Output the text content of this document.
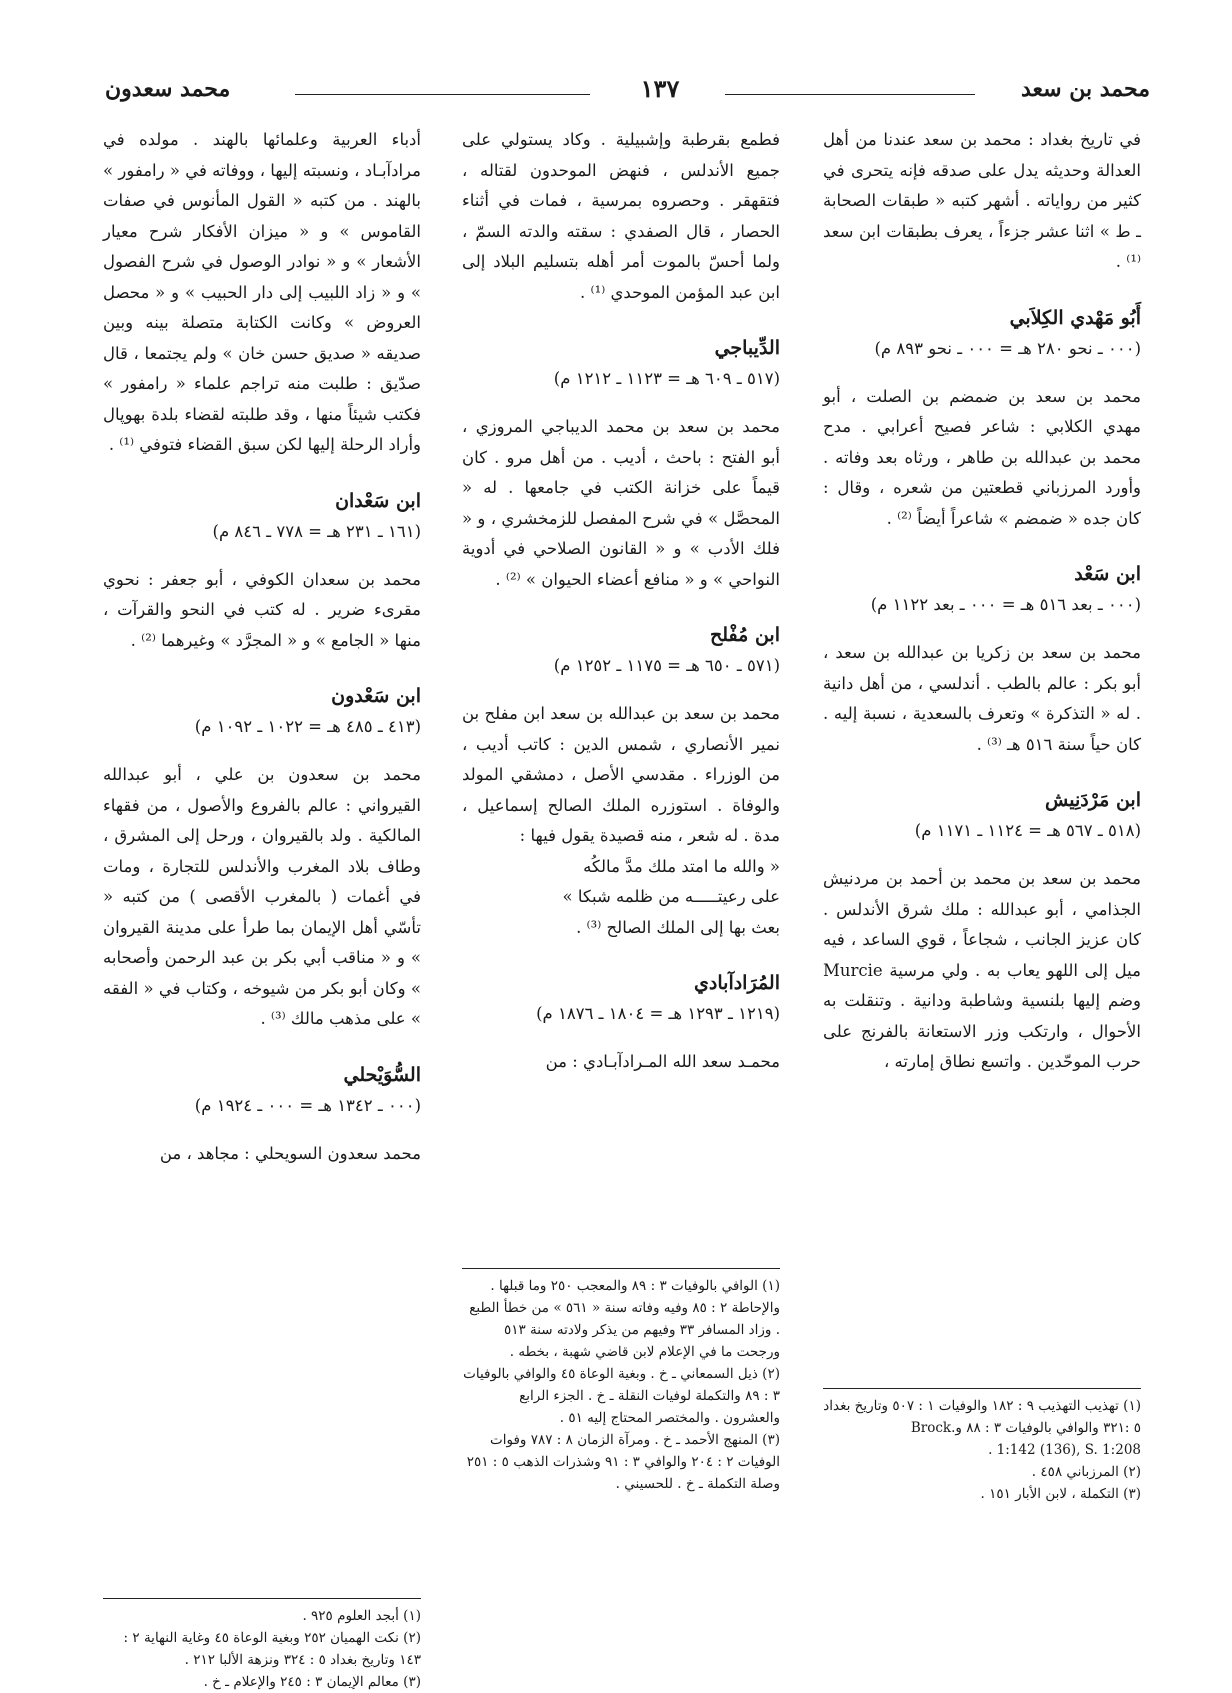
محمد بن سعد
١٣٧
محمد سعدون

في تاريخ بغداد : محمد بن سعد عندنا من أهل العدالة وحديثه يدل على صدقه فإنه يتحرى في كثير من رواياته . أشهر كتبه « طبقات الصحابة ـ ط » اثنا عشر جزءاً ، يعرف بطبقات ابن سعد ⁽¹⁾ .

أَبُو مَهْدي الكِلاَبي
(٠٠٠ ـ نحو ٢٨٠ هـ = ٠٠٠ ـ نحو ٨٩٣ م)

محمد بن سعد بن ضمضم بن الصلت ، أبو مهدي الكلابي : شاعر فصيح أعرابي . مدح محمد بن عبدالله بن طاهر ، ورثاه بعد وفاته . وأورد المرزباني قطعتين من شعره ، وقال : كان جده « ضمضم » شاعراً أيضاً ⁽²⁾ .

ابن سَعْد
(٠٠٠ ـ بعد ٥١٦ هـ = ٠٠٠ ـ بعد ١١٢٢ م)

محمد بن سعد بن زكريا بن عبدالله بن سعد ، أبو بكر : عالم بالطب . أندلسي ، من أهل دانية . له « التذكرة » وتعرف بالسعدية ، نسبة إليه . كان حياً سنة ٥١٦ هـ ⁽³⁾ .

ابن مَرْدَنِيش
(٥١٨ ـ ٥٦٧ هـ = ١١٢٤ ـ ١١٧١ م)

محمد بن سعد بن محمد بن أحمد بن مردنيش الجذامي ، أبو عبدالله : ملك شرق الأندلس . كان عزيز الجانب ، شجاعاً ، قوي الساعد ، فيه ميل إلى اللهو يعاب به . ولي مرسية Murcie وضم إليها بلنسية وشاطبة ودانية . وتنقلت به الأحوال ، وارتكب وزر الاستعانة بالفرنج على حرب الموحّدين . واتسع نطاق إمارته ،

(١) تهذيب التهذيب ٩ : ١٨٢ والوفيات ١ : ٥٠٧ وتاريخ بغداد ٥ :٣٢١ والوافي بالوفيات ٣ : ٨٨ و.Brock

. 1:142 (136), S. 1:208

(٢) المرزباني ٤٥٨ .

(٣) التكملة ، لابن الأبار ١٥١ .

فطمع بقرطبة وإشبيلية . وكاد يستولي على جميع الأندلس ، فنهض الموحدون لقتاله ، فتقهقر . وحصروه بمرسية ، فمات في أثناء الحصار ، قال الصفدي : سقته والدته السمّ ، ولما أحسّ بالموت أمر أهله بتسليم البلاد إلى ابن عبد المؤمن الموحدي ⁽¹⁾ .

الدِّيباجي
(٥١٧ ـ ٦٠٩ هـ = ١١٢٣ ـ ١٢١٢ م)

محمد بن سعد بن محمد الديباجي المروزي ، أبو الفتح : باحث ، أديب . من أهل مرو . كان قيماً على خزانة الكتب في جامعها . له « المحصَّل » في شرح المفصل للزمخشري ، و « فلك الأدب » و « القانون الصلاحي في أدوية النواحي » و « منافع أعضاء الحيوان » ⁽²⁾ .

ابن مُفْلح
(٥٧١ ـ ٦٥٠ هـ = ١١٧٥ ـ ١٢٥٢ م)

محمد بن سعد بن عبدالله بن سعد ابن مفلح بن نمير الأنصاري ، شمس الدين : كاتب أديب ، من الوزراء . مقدسي الأصل ، دمشقي المولد والوفاة . استوزره الملك الصالح إسماعيل ، مدة . له شعر ، منه قصيدة يقول فيها :

« والله ما امتد ملك مدَّ مالكُه

على رعيتـــــه من ظلمه شبكا »

بعث بها إلى الملك الصالح ⁽³⁾ .

المُرَادآبادي
(١٢١٩ ـ ١٢٩٣ هـ = ١٨٠٤ ـ ١٨٧٦ م)

محمـد سعد الله المـرادآبـادي : من

(١) الوافي بالوفيات ٣ : ٨٩ والمعجب ٢٥٠ وما قبلها . والإحاطة ٢ : ٨٥ وفيه وفاته سنة « ٥٦١ » من خطأ الطبع . وزاد المسافر ٣٣ وفيهم من يذكر ولادته سنة ٥١٣ ورجحت ما في الإعلام لابن قاضي شهبة ، بخطه .

(٢) ذيل السمعاني ـ خ . وبغية الوعاة ٤٥ والوافي بالوفيات ٣ : ٨٩ والتكملة لوفيات النقلة ـ خ . الجزء الرابع والعشرون . والمختصر المحتاج إليه ٥١ .

(٣) المنهج الأحمد ـ خ . ومرآة الزمان ٨ : ٧٨٧ وفوات الوفيات ٢ : ٢٠٤ والوافي ٣ : ٩١ وشذرات الذهب ٥ : ٢٥١ وصلة التكملة ـ خ . للحسيني .

أدباء العربية وعلمائها بالهند . مولده في مرادآبـاد ، ونسبته إليها ، ووفاته في « رامفور » بالهند . من كتبه « القول المأنوس في صفات القاموس » و « ميزان الأفكار شرح معيار الأشعار » و « نوادر الوصول في شرح الفصول » و « زاد اللبيب إلى دار الحبيب » و « محصل العروض » وكانت الكتابة متصلة بينه وبين صديقه « صديق حسن خان » ولم يجتمعا ، قال صدّيق : طلبت منه تراجم علماء « رامفور » فكتب شيئاً منها ، وقد طلبته لقضاء بلدة بهوپال وأراد الرحلة إليها لكن سبق القضاء فتوفي ⁽¹⁾ .

ابن سَعْدان
(١٦١ ـ ٢٣١ هـ = ٧٧٨ ـ ٨٤٦ م)

محمد بن سعدان الكوفي ، أبو جعفر : نحوي مقرىء ضرير . له كتب في النحو والقرآت ، منها « الجامع » و « المجرَّد » وغيرهما ⁽²⁾ .

ابن سَعْدون
(٤١٣ ـ ٤٨٥ هـ = ١٠٢٢ ـ ١٠٩٢ م)

محمد بن سعدون بن علي ، أبو عبدالله القيرواني : عالم بالفروع والأصول ، من فقهاء المالكية . ولد بالقيروان ، ورحل إلى المشرق ، وطاف بلاد المغرب والأندلس للتجارة ، ومات في أغمات ( بالمغرب الأقصى ) من كتبه « تأسّي أهل الإيمان بما طرأ على مدينة القيروان » و « مناقب أبي بكر بن عبد الرحمن وأصحابه » وكان أبو بكر من شيوخه ، وكتاب في « الفقه » على مذهب مالك ⁽³⁾ .

السُّوَيْحلي
(٠٠٠ ـ ١٣٤٢ هـ = ٠٠٠ ـ ١٩٢٤ م)

محمد سعدون السويحلي : مجاهد ، من

(١) أبجد العلوم ٩٢٥ .

(٢) نكت الهميان ٢٥٢ وبغية الوعاة ٤٥ وغاية النهاية ٢ : ١٤٣ وتاريخ بغداد ٥ : ٣٢٤ ونزهة الألبا ٢١٢ .

(٣) معالم الإيمان ٣ : ٢٤٥ والإعلام ـ خ .
